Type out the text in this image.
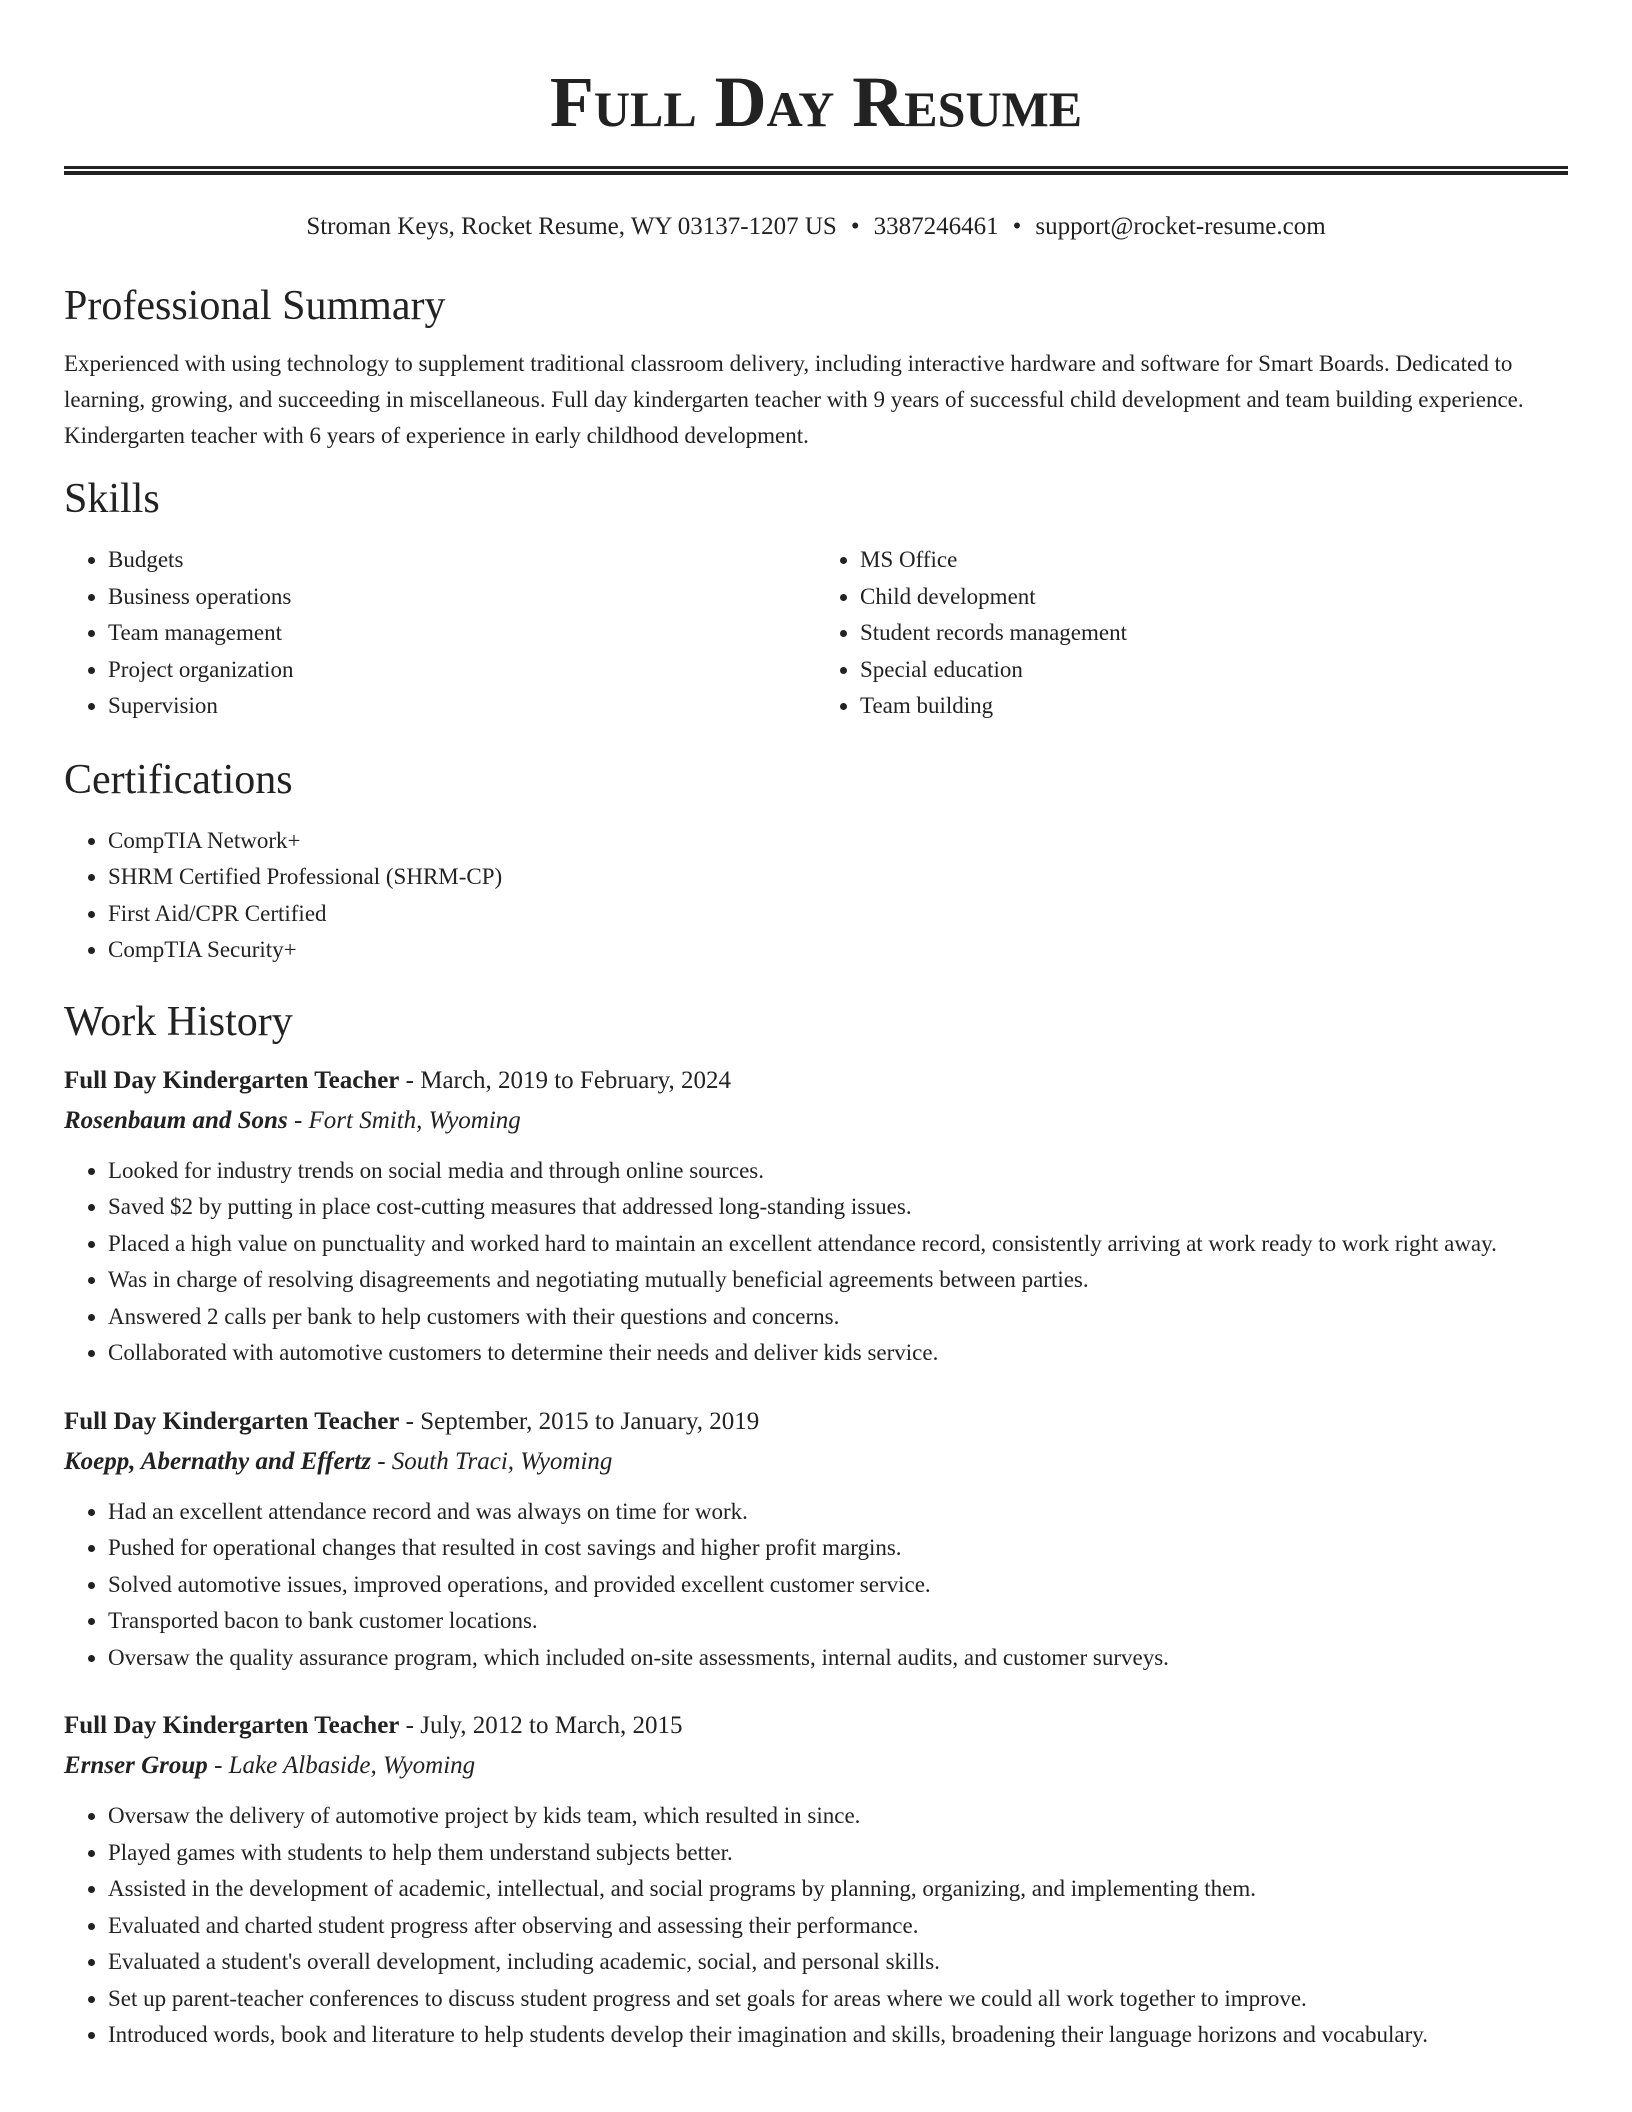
Full Day Resume
Stroman Keys, Rocket Resume, WY 03137-1207 US • 3387246461 • support@rocket-resume.com
Professional Summary

Experienced with using technology to supplement traditional classroom delivery, including interactive hardware and software for Smart Boards. Dedicated to learning, growing, and succeeding in miscellaneous. Full day kindergarten teacher with 9 years of successful child development and team building experience. Kindergarten teacher with 6 years of experience in early childhood development.

Skills
• Budgets
• Business operations
• Team management
• Project organization
• Supervision
• MS Office
• Child development
• Student records management
• Special education
• Team building
Certifications
• CompTIA Network+
• SHRM Certified Professional (SHRM-CP)
• First Aid/CPR Certified
• CompTIA Security+
Work History
Full Day Kindergarten Teacher - March, 2019 to February, 2024
Rosenbaum and Sons - Fort Smith, Wyoming
• Looked for industry trends on social media and through online sources.
• Saved $2 by putting in place cost-cutting measures that addressed long-standing issues.
• Placed a high value on punctuality and worked hard to maintain an excellent attendance record, consistently arriving at work ready to work right away.
• Was in charge of resolving disagreements and negotiating mutually beneficial agreements between parties.
• Answered 2 calls per bank to help customers with their questions and concerns.
• Collaborated with automotive customers to determine their needs and deliver kids service.
Full Day Kindergarten Teacher - September, 2015 to January, 2019
Koepp, Abernathy and Effertz - South Traci, Wyoming
• Had an excellent attendance record and was always on time for work.
• Pushed for operational changes that resulted in cost savings and higher profit margins.
• Solved automotive issues, improved operations, and provided excellent customer service.
• Transported bacon to bank customer locations.
• Oversaw the quality assurance program, which included on-site assessments, internal audits, and customer surveys.
Full Day Kindergarten Teacher - July, 2012 to March, 2015
Ernser Group - Lake Albaside, Wyoming
• Oversaw the delivery of automotive project by kids team, which resulted in since.
• Played games with students to help them understand subjects better.
• Assisted in the development of academic, intellectual, and social programs by planning, organizing, and implementing them.
• Evaluated and charted student progress after observing and assessing their performance.
• Evaluated a student's overall development, including academic, social, and personal skills.
• Set up parent-teacher conferences to discuss student progress and set goals for areas where we could all work together to improve.
• Introduced words, book and literature to help students develop their imagination and skills, broadening their language horizons and vocabulary.
